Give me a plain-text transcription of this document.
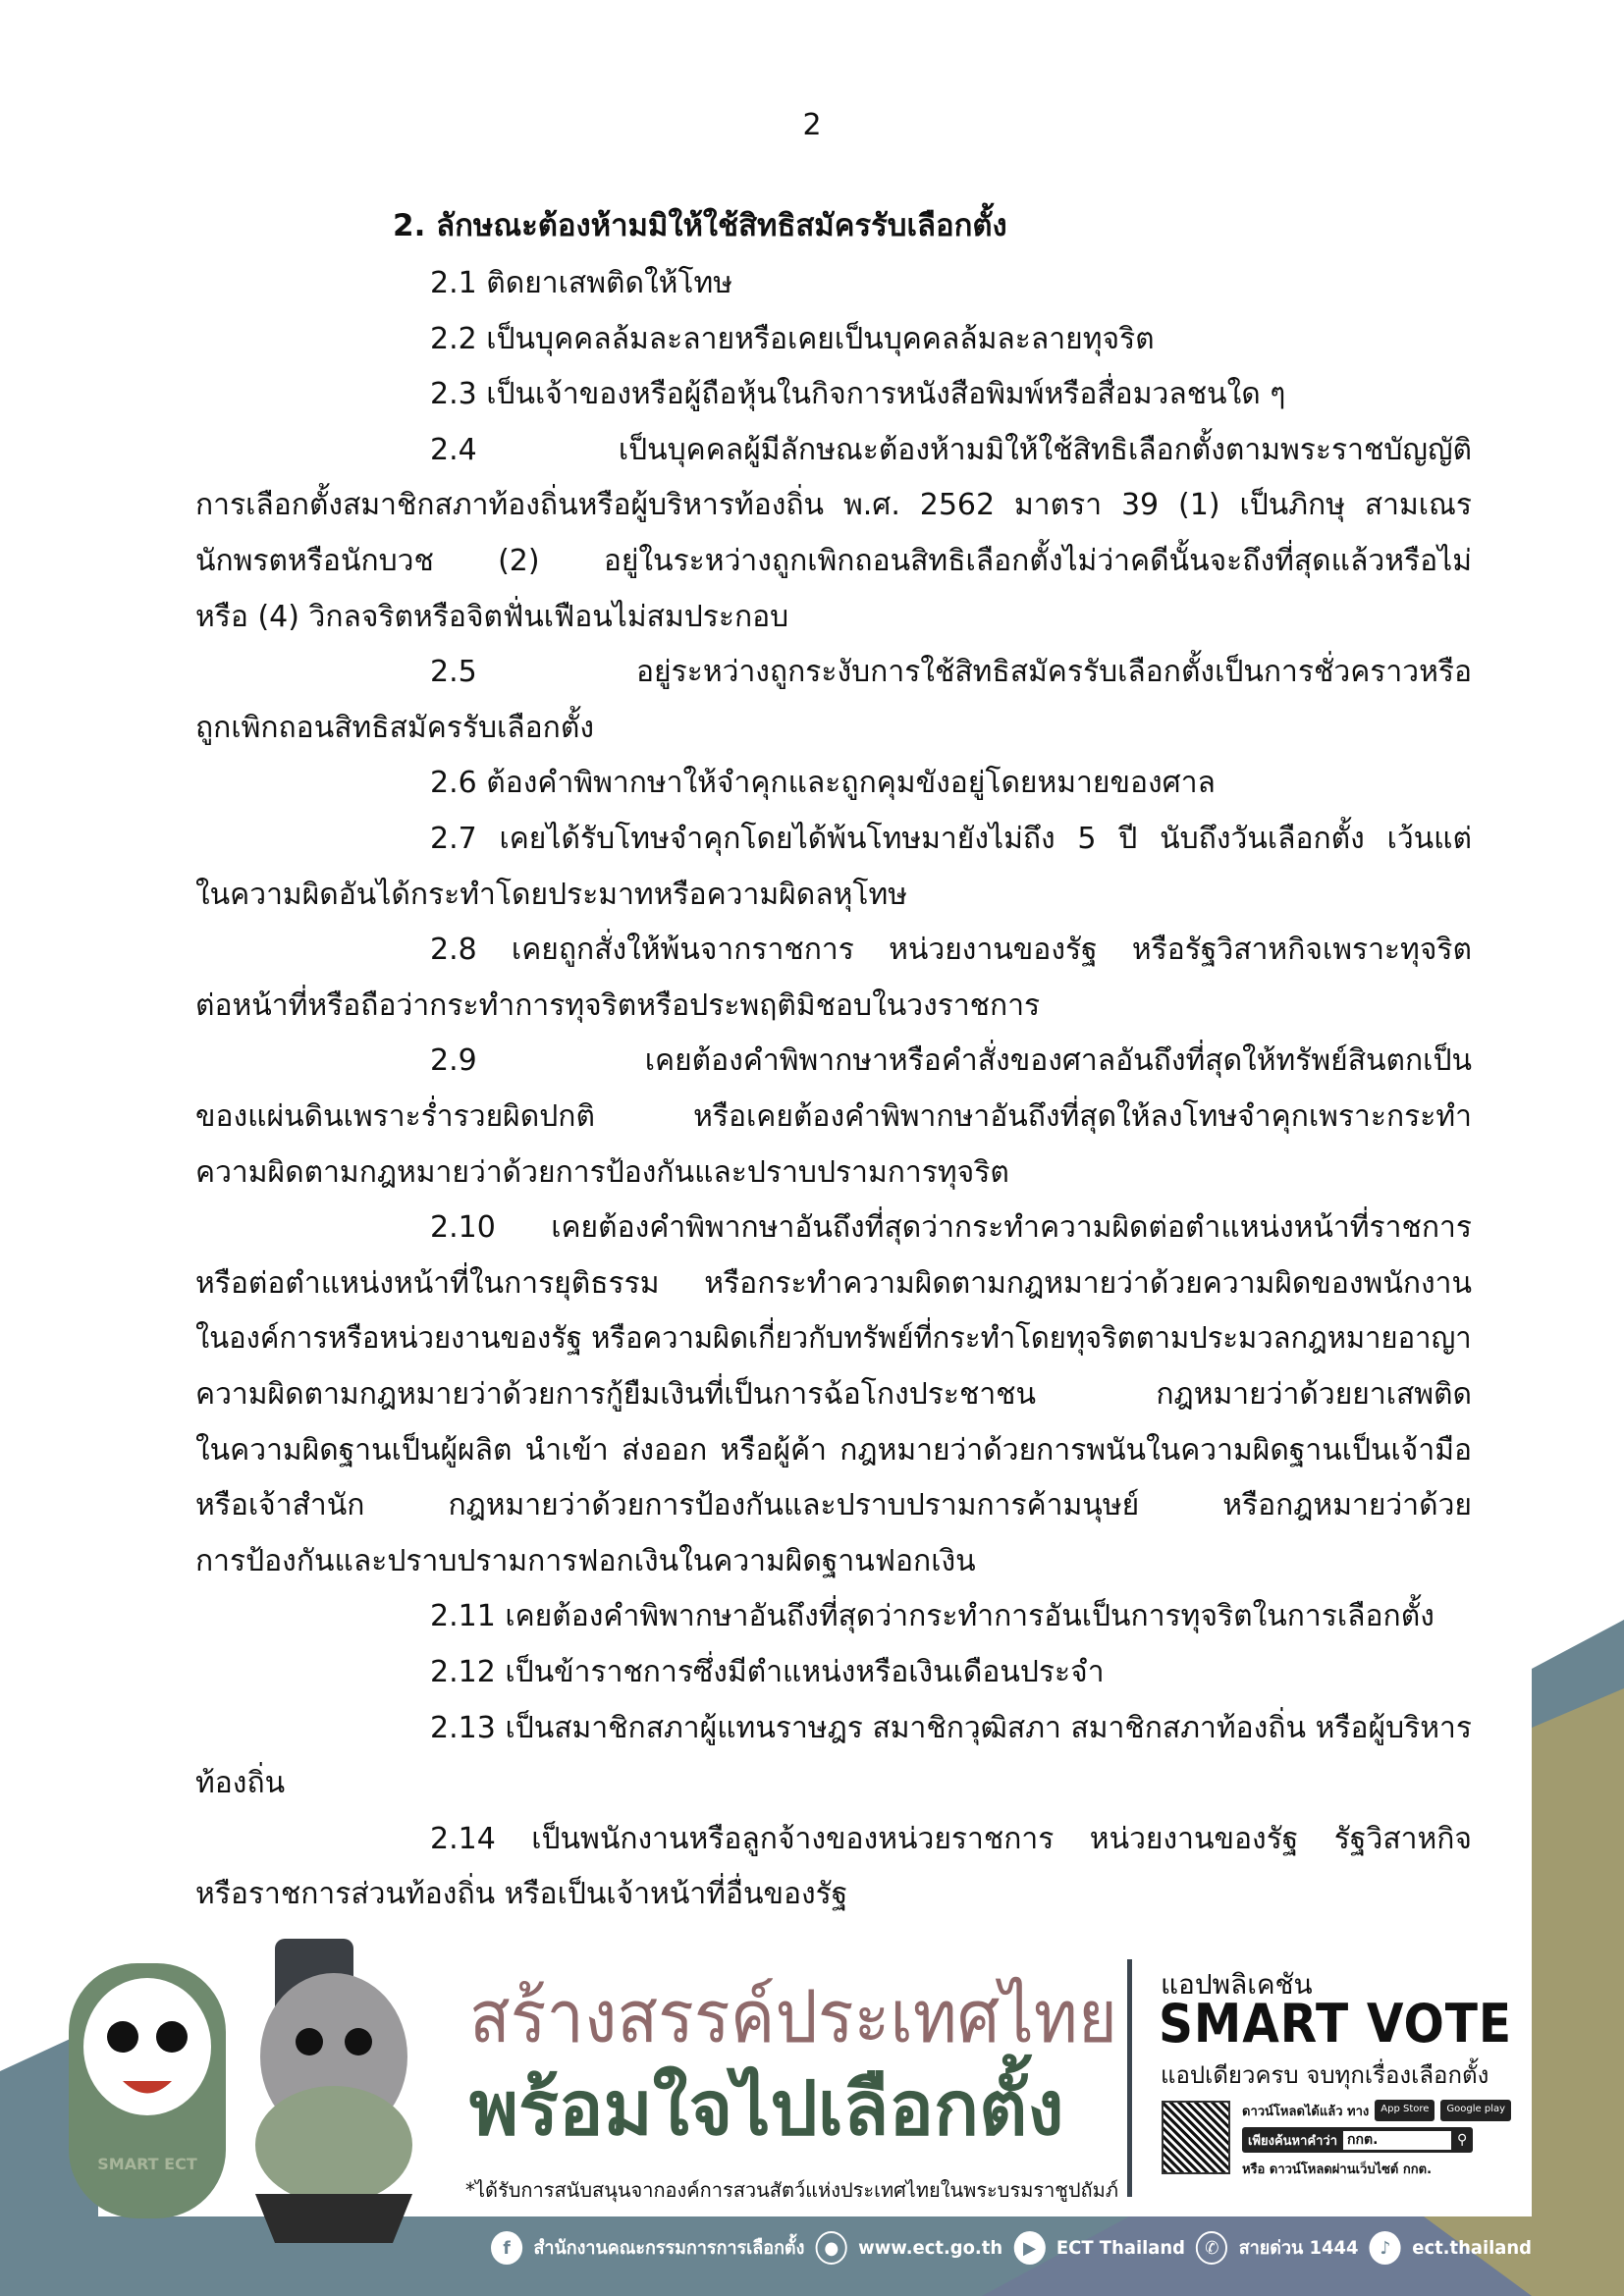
2
2. ลักษณะต้องห้ามมิให้ใช้สิทธิสมัครรับเลือกตั้ง
2.1 ติดยาเสพติดให้โทษ
2.2 เป็นบุคคลล้มละลายหรือเคยเป็นบุคคลล้มละลายทุจริต
2.3 เป็นเจ้าของหรือผู้ถือหุ้นในกิจการหนังสือพิมพ์หรือสื่อมวลชนใด ๆ
2.4 เป็นบุคคลผู้มีลักษณะต้องห้ามมิให้ใช้สิทธิเลือกตั้งตามพระราชบัญญัติ
การเลือกตั้งสมาชิกสภาท้องถิ่นหรือผู้บริหารท้องถิ่น พ.ศ. 2562 มาตรา 39 (1) เป็นภิกษุ สามเณร
นักพรตหรือนักบวช (2) อยู่ในระหว่างถูกเพิกถอนสิทธิเลือกตั้งไม่ว่าคดีนั้นจะถึงที่สุดแล้วหรือไม่
หรือ (4) วิกลจริตหรือจิตฟั่นเฟือนไม่สมประกอบ
2.5 อยู่ระหว่างถูกระงับการใช้สิทธิสมัครรับเลือกตั้งเป็นการชั่วคราวหรือ
ถูกเพิกถอนสิทธิสมัครรับเลือกตั้ง
2.6 ต้องคำพิพากษาให้จำคุกและถูกคุมขังอยู่โดยหมายของศาล
2.7 เคยได้รับโทษจำคุกโดยได้พ้นโทษมายังไม่ถึง 5 ปี นับถึงวันเลือกตั้ง เว้นแต่
ในความผิดอันได้กระทำโดยประมาทหรือความผิดลหุโทษ
2.8 เคยถูกสั่งให้พ้นจากราชการ หน่วยงานของรัฐ หรือรัฐวิสาหกิจเพราะทุจริต
ต่อหน้าที่หรือถือว่ากระทำการทุจริตหรือประพฤติมิชอบในวงราชการ
2.9 เคยต้องคำพิพากษาหรือคำสั่งของศาลอันถึงที่สุดให้ทรัพย์สินตกเป็น
ของแผ่นดินเพราะร่ำรวยผิดปกติ หรือเคยต้องคำพิพากษาอันถึงที่สุดให้ลงโทษจำคุกเพราะกระทำ
ความผิดตามกฎหมายว่าด้วยการป้องกันและปราบปรามการทุจริต
2.10 เคยต้องคำพิพากษาอันถึงที่สุดว่ากระทำความผิดต่อตำแหน่งหน้าที่ราชการ
หรือต่อตำแหน่งหน้าที่ในการยุติธรรม หรือกระทำความผิดตามกฎหมายว่าด้วยความผิดของพนักงาน
ในองค์การหรือหน่วยงานของรัฐ หรือความผิดเกี่ยวกับทรัพย์ที่กระทำโดยทุจริตตามประมวลกฎหมายอาญา
ความผิดตามกฎหมายว่าด้วยการกู้ยืมเงินที่เป็นการฉ้อโกงประชาชน กฎหมายว่าด้วยยาเสพติด
ในความผิดฐานเป็นผู้ผลิต นำเข้า ส่งออก หรือผู้ค้า กฎหมายว่าด้วยการพนันในความผิดฐานเป็นเจ้ามือ
หรือเจ้าสำนัก กฎหมายว่าด้วยการป้องกันและปราบปรามการค้ามนุษย์ หรือกฎหมายว่าด้วย
การป้องกันและปราบปรามการฟอกเงินในความผิดฐานฟอกเงิน
2.11 เคยต้องคำพิพากษาอันถึงที่สุดว่ากระทำการอันเป็นการทุจริตในการเลือกตั้ง
2.12 เป็นข้าราชการซึ่งมีตำแหน่งหรือเงินเดือนประจำ
2.13 เป็นสมาชิกสภาผู้แทนราษฎร สมาชิกวุฒิสภา สมาชิกสภาท้องถิ่น หรือผู้บริหาร
ท้องถิ่น
2.14 เป็นพนักงานหรือลูกจ้างของหน่วยราชการ หน่วยงานของรัฐ รัฐวิสาหกิจ
หรือราชการส่วนท้องถิ่น หรือเป็นเจ้าหน้าที่อื่นของรัฐ
กกต
SMART ECT
สร้างสรรค์ประเทศไทย
พร้อมใจไปเลือกตั้ง
*ได้รับการสนับสนุนจากองค์การสวนสัตว์แห่งประเทศไทยในพระบรมราชูปถัมภ์
แอปพลิเคชัน
SMART VOTE
แอปเดียวครบ จบทุกเรื่องเลือกตั้ง
ดาวน์โหลดได้แล้ว ทาง	App Store	Google play
เพียงค้นหาคำว่า กกต.	⚲
หรือ ดาวน์โหลดผ่านเว็บไซต์ กกต.
f	สำนักงานคณะกรรมการการเลือกตั้ง	●	www.ect.go.th	▶	ECT Thailand	✆	สายด่วน 1444	♪	ect.thailand
